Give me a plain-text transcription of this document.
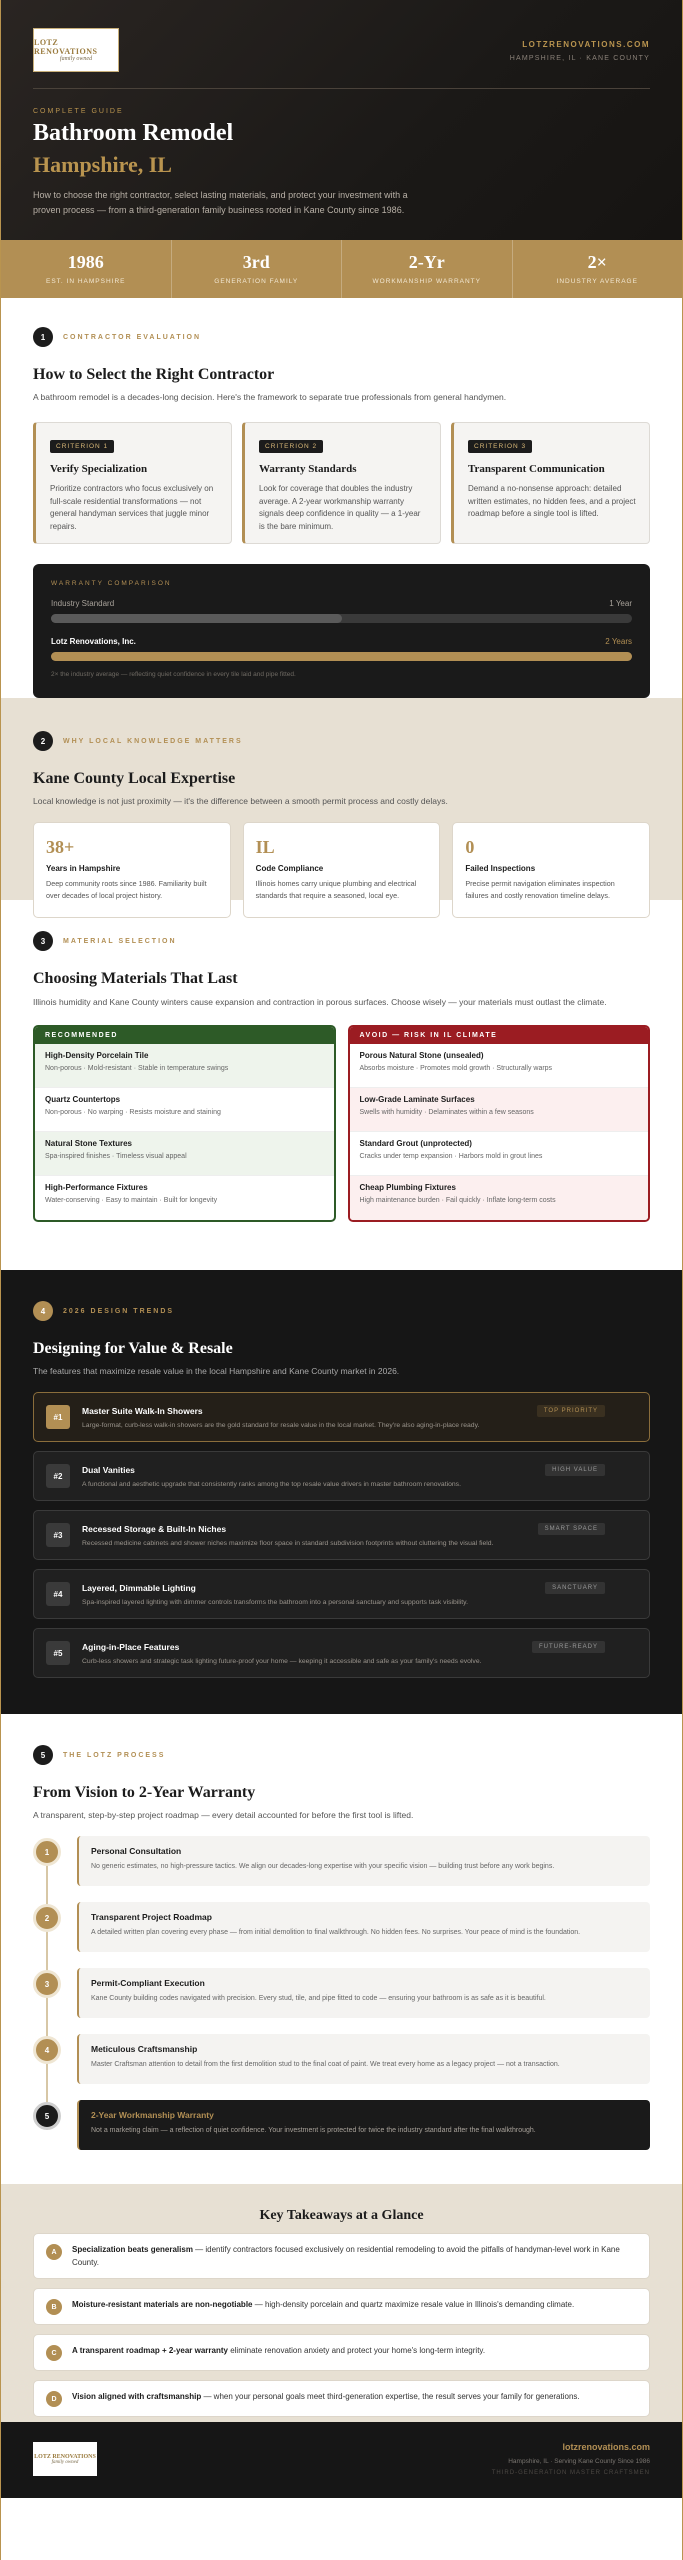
LOTZ RENOVATIONS
family owned
LOTZRENOVATIONS.COM
HAMPSHIRE, IL · KANE COUNTY
COMPLETE GUIDE
Bathroom Remodel
Hampshire, IL

How to choose the right contractor, select lasting materials, and protect your investment with a proven process — from a third-generation family business rooted in Kane County since 1986.

1986
EST. IN HAMPSHIRE
3rd
GENERATION FAMILY
2-Yr
WORKMANSHIP WARRANTY
2×
INDUSTRY AVERAGE
1	CONTRACTOR EVALUATION
How to Select the Right Contractor
A bathroom remodel is a decades-long decision. Here's the framework to separate true professionals from general handymen.
CRITERION 1
Verify Specialization
Prioritize contractors who focus exclusively on full-scale residential transformations — not general handyman services that juggle minor repairs.
CRITERION 2
Warranty Standards
Look for coverage that doubles the industry average. A 2-year workmanship warranty signals deep confidence in quality — a 1-year is the bare minimum.
CRITERION 3
Transparent Communication
Demand a no-nonsense approach: detailed written estimates, no hidden fees, and a project roadmap before a single tool is lifted.
WARRANTY COMPARISON
Industry Standard	1 Year
Lotz Renovations, Inc.	2 Years
2× the industry average — reflecting quiet confidence in every tile laid and pipe fitted.
2	WHY LOCAL KNOWLEDGE MATTERS
Kane County Local Expertise
Local knowledge is not just proximity — it's the difference between a smooth permit process and costly delays.
38+
Years in Hampshire
Deep community roots since 1986. Familiarity built over decades of local project history.
IL
Code Compliance
Illinois homes carry unique plumbing and electrical standards that require a seasoned, local eye.
0
Failed Inspections
Precise permit navigation eliminates inspection failures and costly renovation timeline delays.
3	MATERIAL SELECTION
Choosing Materials That Last
Illinois humidity and Kane County winters cause expansion and contraction in porous surfaces. Choose wisely — your materials must outlast the climate.
RECOMMENDED
High-Density Porcelain Tile
Non-porous · Mold-resistant · Stable in temperature swings
Quartz Countertops
Non-porous · No warping · Resists moisture and staining
Natural Stone Textures
Spa-inspired finishes · Timeless visual appeal
High-Performance Fixtures
Water-conserving · Easy to maintain · Built for longevity
AVOID — RISK IN IL CLIMATE
Porous Natural Stone (unsealed)
Absorbs moisture · Promotes mold growth · Structurally warps
Low-Grade Laminate Surfaces
Swells with humidity · Delaminates within a few seasons
Standard Grout (unprotected)
Cracks under temp expansion · Harbors mold in grout lines
Cheap Plumbing Fixtures
High maintenance burden · Fail quickly · Inflate long-term costs
4	2026 DESIGN TRENDS
Designing for Value & Resale
The features that maximize resale value in the local Hampshire and Kane County market in 2026.
#1
Master Suite Walk-In Showers
Large-format, curb-less walk-in showers are the gold standard for resale value in the local market. They're also aging-in-place ready.
TOP PRIORITY
#2
Dual Vanities
A functional and aesthetic upgrade that consistently ranks among the top resale value drivers in master bathroom renovations.
HIGH VALUE
#3
Recessed Storage & Built-In Niches
Recessed medicine cabinets and shower niches maximize floor space in standard subdivision footprints without cluttering the visual field.
SMART SPACE
#4
Layered, Dimmable Lighting
Spa-inspired layered lighting with dimmer controls transforms the bathroom into a personal sanctuary and supports task visibility.
SANCTUARY
#5
Aging-in-Place Features
Curb-less showers and strategic task lighting future-proof your home — keeping it accessible and safe as your family's needs evolve.
FUTURE-READY
5	THE LOTZ PROCESS
From Vision to 2-Year Warranty
A transparent, step-by-step project roadmap — every detail accounted for before the first tool is lifted.
1	Personal Consultation
No generic estimates, no high-pressure tactics. We align our decades-long expertise with your specific vision — building trust before any work begins.
2	Transparent Project Roadmap
A detailed written plan covering every phase — from initial demolition to final walkthrough. No hidden fees. No surprises. Your peace of mind is the foundation.
3	Permit-Compliant Execution
Kane County building codes navigated with precision. Every stud, tile, and pipe fitted to code — ensuring your bathroom is as safe as it is beautiful.
4	Meticulous Craftsmanship
Master Craftsman attention to detail from the first demolition stud to the final coat of paint. We treat every home as a legacy project — not a transaction.
5	2-Year Workmanship Warranty
Not a marketing claim — a reflection of quiet confidence. Your investment is protected for twice the industry standard after the final walkthrough.
Key Takeaways at a Glance
A	Specialization beats generalism — identify contractors focused exclusively on residential remodeling to avoid the pitfalls of handyman-level work in Kane County.
B	Moisture-resistant materials are non-negotiable — high-density porcelain and quartz maximize resale value in Illinois's demanding climate.
C	A transparent roadmap + 2-year warranty eliminate renovation anxiety and protect your home's long-term integrity.
D	Vision aligned with craftsmanship — when your personal goals meet third-generation expertise, the result serves your family for generations.
LOTZ RENOVATIONS
family owned
lotzrenovations.com
Hampshire, IL · Serving Kane County Since 1986
THIRD-GENERATION MASTER CRAFTSMEN
